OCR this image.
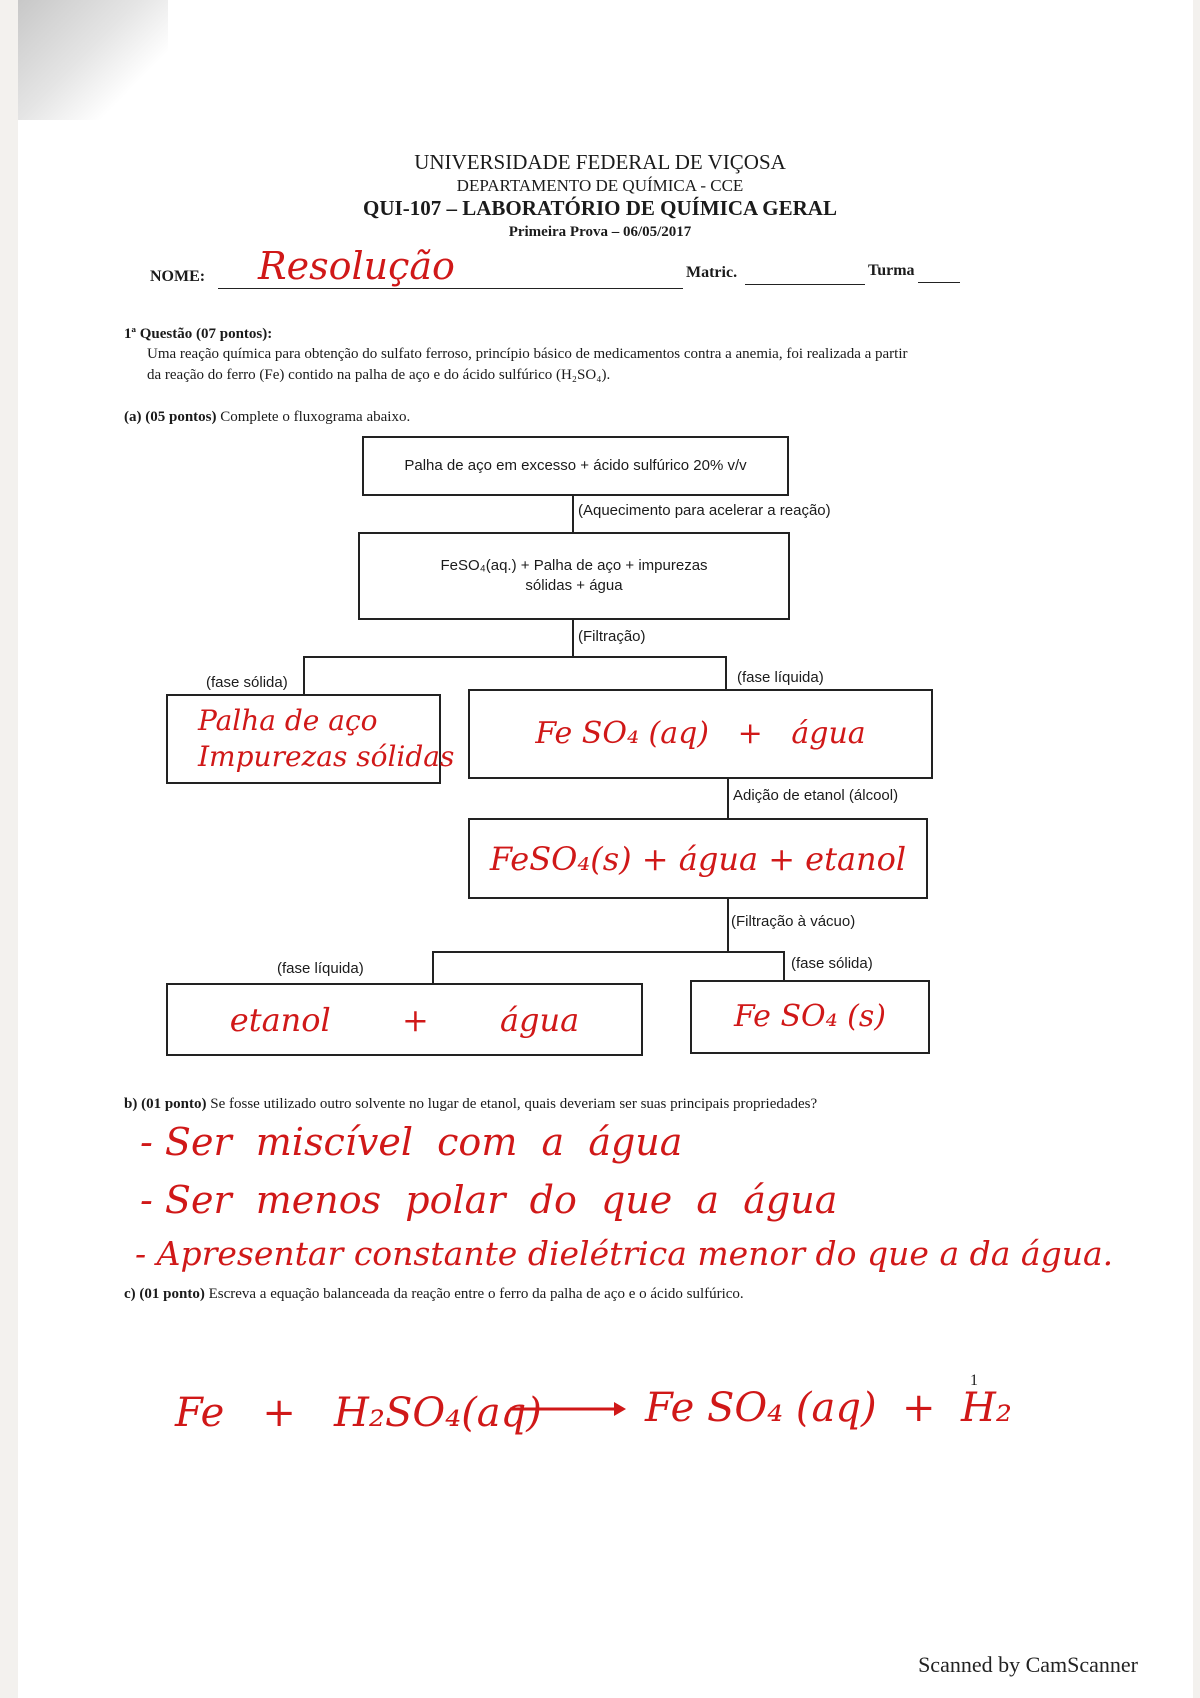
UNIVERSIDADE FEDERAL DE VIÇOSA
DEPARTAMENTO DE QUÍMICA - CCE
QUI-107 – LABORATÓRIO DE QUÍMICA GERAL
Primeira Prova – 06/05/2017
NOME: Resolução	Matric.	Turma
1ª Questão (07 pontos):
Uma reação química para obtenção do sulfato ferroso, princípio básico de medicamentos contra a anemia, foi realizada a partir
da reação do ferro (Fe) contido na palha de aço e do ácido sulfúrico (H₂SO₄).
(a) (05 pontos) Complete o fluxograma abaixo.
Palha de aço em excesso + ácido sulfúrico 20% v/v
(Aquecimento para acelerar a reação)
FeSO₄(aq.) + Palha de aço + impurezas
sólidas + água
(Filtração)
(fase sólida)	(fase líquida)
Palha de aço
Impurezas sólidas
Fe SO₄ (aq)   +   água
Adição de etanol (álcool)
FeSO₄(s) + água + etanol
(Filtração à vácuo)
(fase líquida)	(fase sólida)
etanol       +       água	Fe SO₄ (s)
b) (01 ponto) Se fosse utilizado outro solvente no lugar de etanol, quais deveriam ser suas principais propriedades?
- Ser  miscível  com  a  água
- Ser  menos  polar  do  que  a  água
- Apresentar constante dielétrica menor do que a da água.
c) (01 ponto) Escreva a equação balanceada da reação entre o ferro da palha de aço e o ácido sulfúrico.
Fe   +   H₂SO₄(aq)	Fe SO₄ (aq)  +  H₂
1
Scanned by CamScanner
